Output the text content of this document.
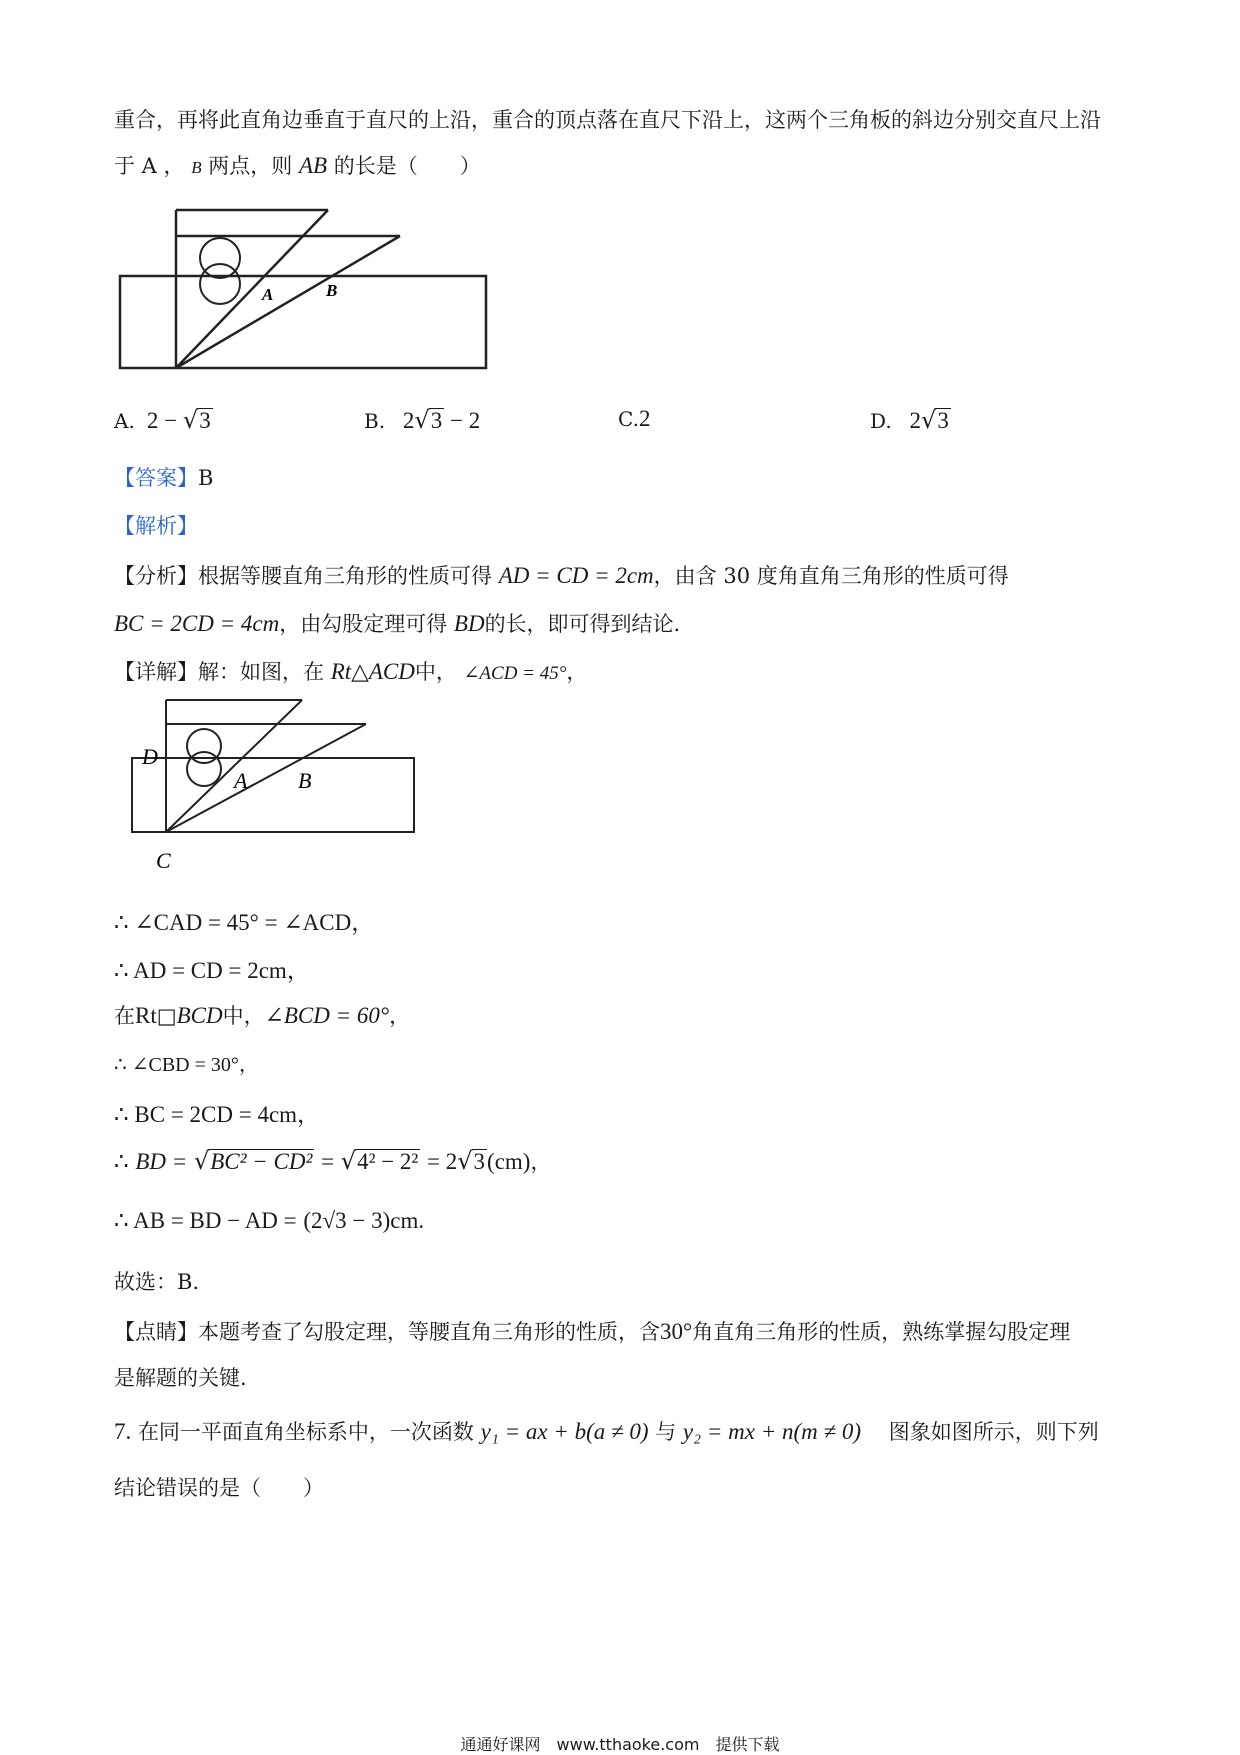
重合，再将此直角边垂直于直尺的上沿，重合的顶点落在直尺下沿上，这两个三角板的斜边分别交直尺上沿
于 A ， B 两点，则 AB 的长是（　　）
A	B
A.  2 − √3	B.   2√3 − 2	C.2	D.   2√3
【答案】B
【解析】
【分析】根据等腰直角三角形的性质可得 AD = CD = 2cm，由含 30 度角直角三角形的性质可得
BC = 2CD = 4cm，由勾股定理可得 BD的长，即可得到结论.
【详解】解：如图，在 Rt△ACD中， ∠ACD = 45°，
D
A B
C
∴ ∠CAD = 45° = ∠ACD，
∴ AD = CD = 2cm，
在Rt□BCD中，∠BCD = 60°，
∴ ∠CBD = 30°，
∴ BC = 2CD = 4cm，
∴ BD = √BC² − CD² = √4² − 2² = 2√3(cm)，
∴ AB = BD − AD = (2√3 − 3)cm.
故选：B.
【点睛】本题考查了勾股定理，等腰直角三角形的性质，含30°角直角三角形的性质，熟练掌握勾股定理
是解题的关键.
7. 在同一平面直角坐标系中，一次函数 y₁ = ax + b(a ≠ 0) 与 y₂ = mx + n(m ≠ 0) 　图象如图所示，则下列
结论错误的是（　　）
通通好课网　www.tthaoke.com　提供下载
